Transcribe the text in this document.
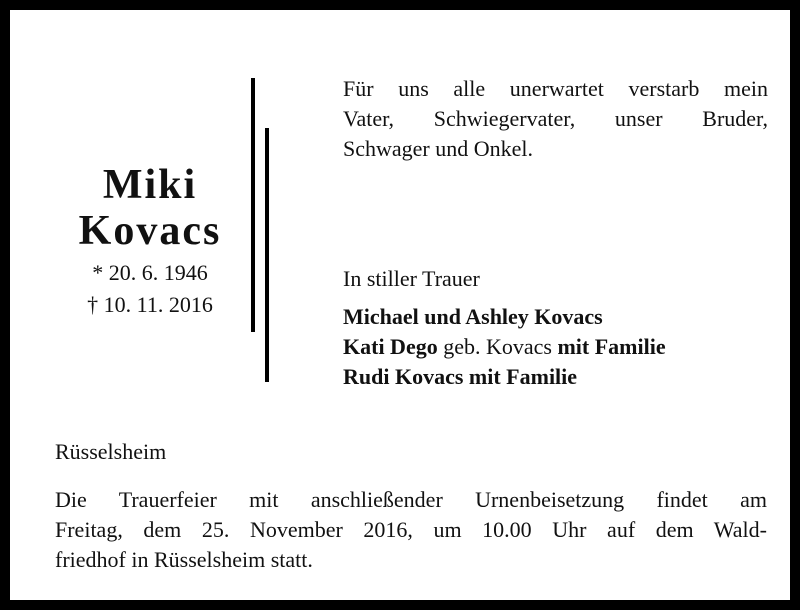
Miki
Kovacs
* 20. 6. 1946
† 10. 11. 2016
Für uns alle unerwartet verstarb mein
Vater, Schwiegervater, unser Bruder,
Schwager und Onkel.
In stiller Trauer
Michael und Ashley Kovacs
Kati Dego geb. Kovacs mit Familie
Rudi Kovacs mit Familie
Rüsselsheim
Die Trauerfeier mit anschließender Urnenbeisetzung findet am
Freitag, dem 25. November 2016, um 10.00 Uhr auf dem Wald-
friedhof in Rüsselsheim statt.
